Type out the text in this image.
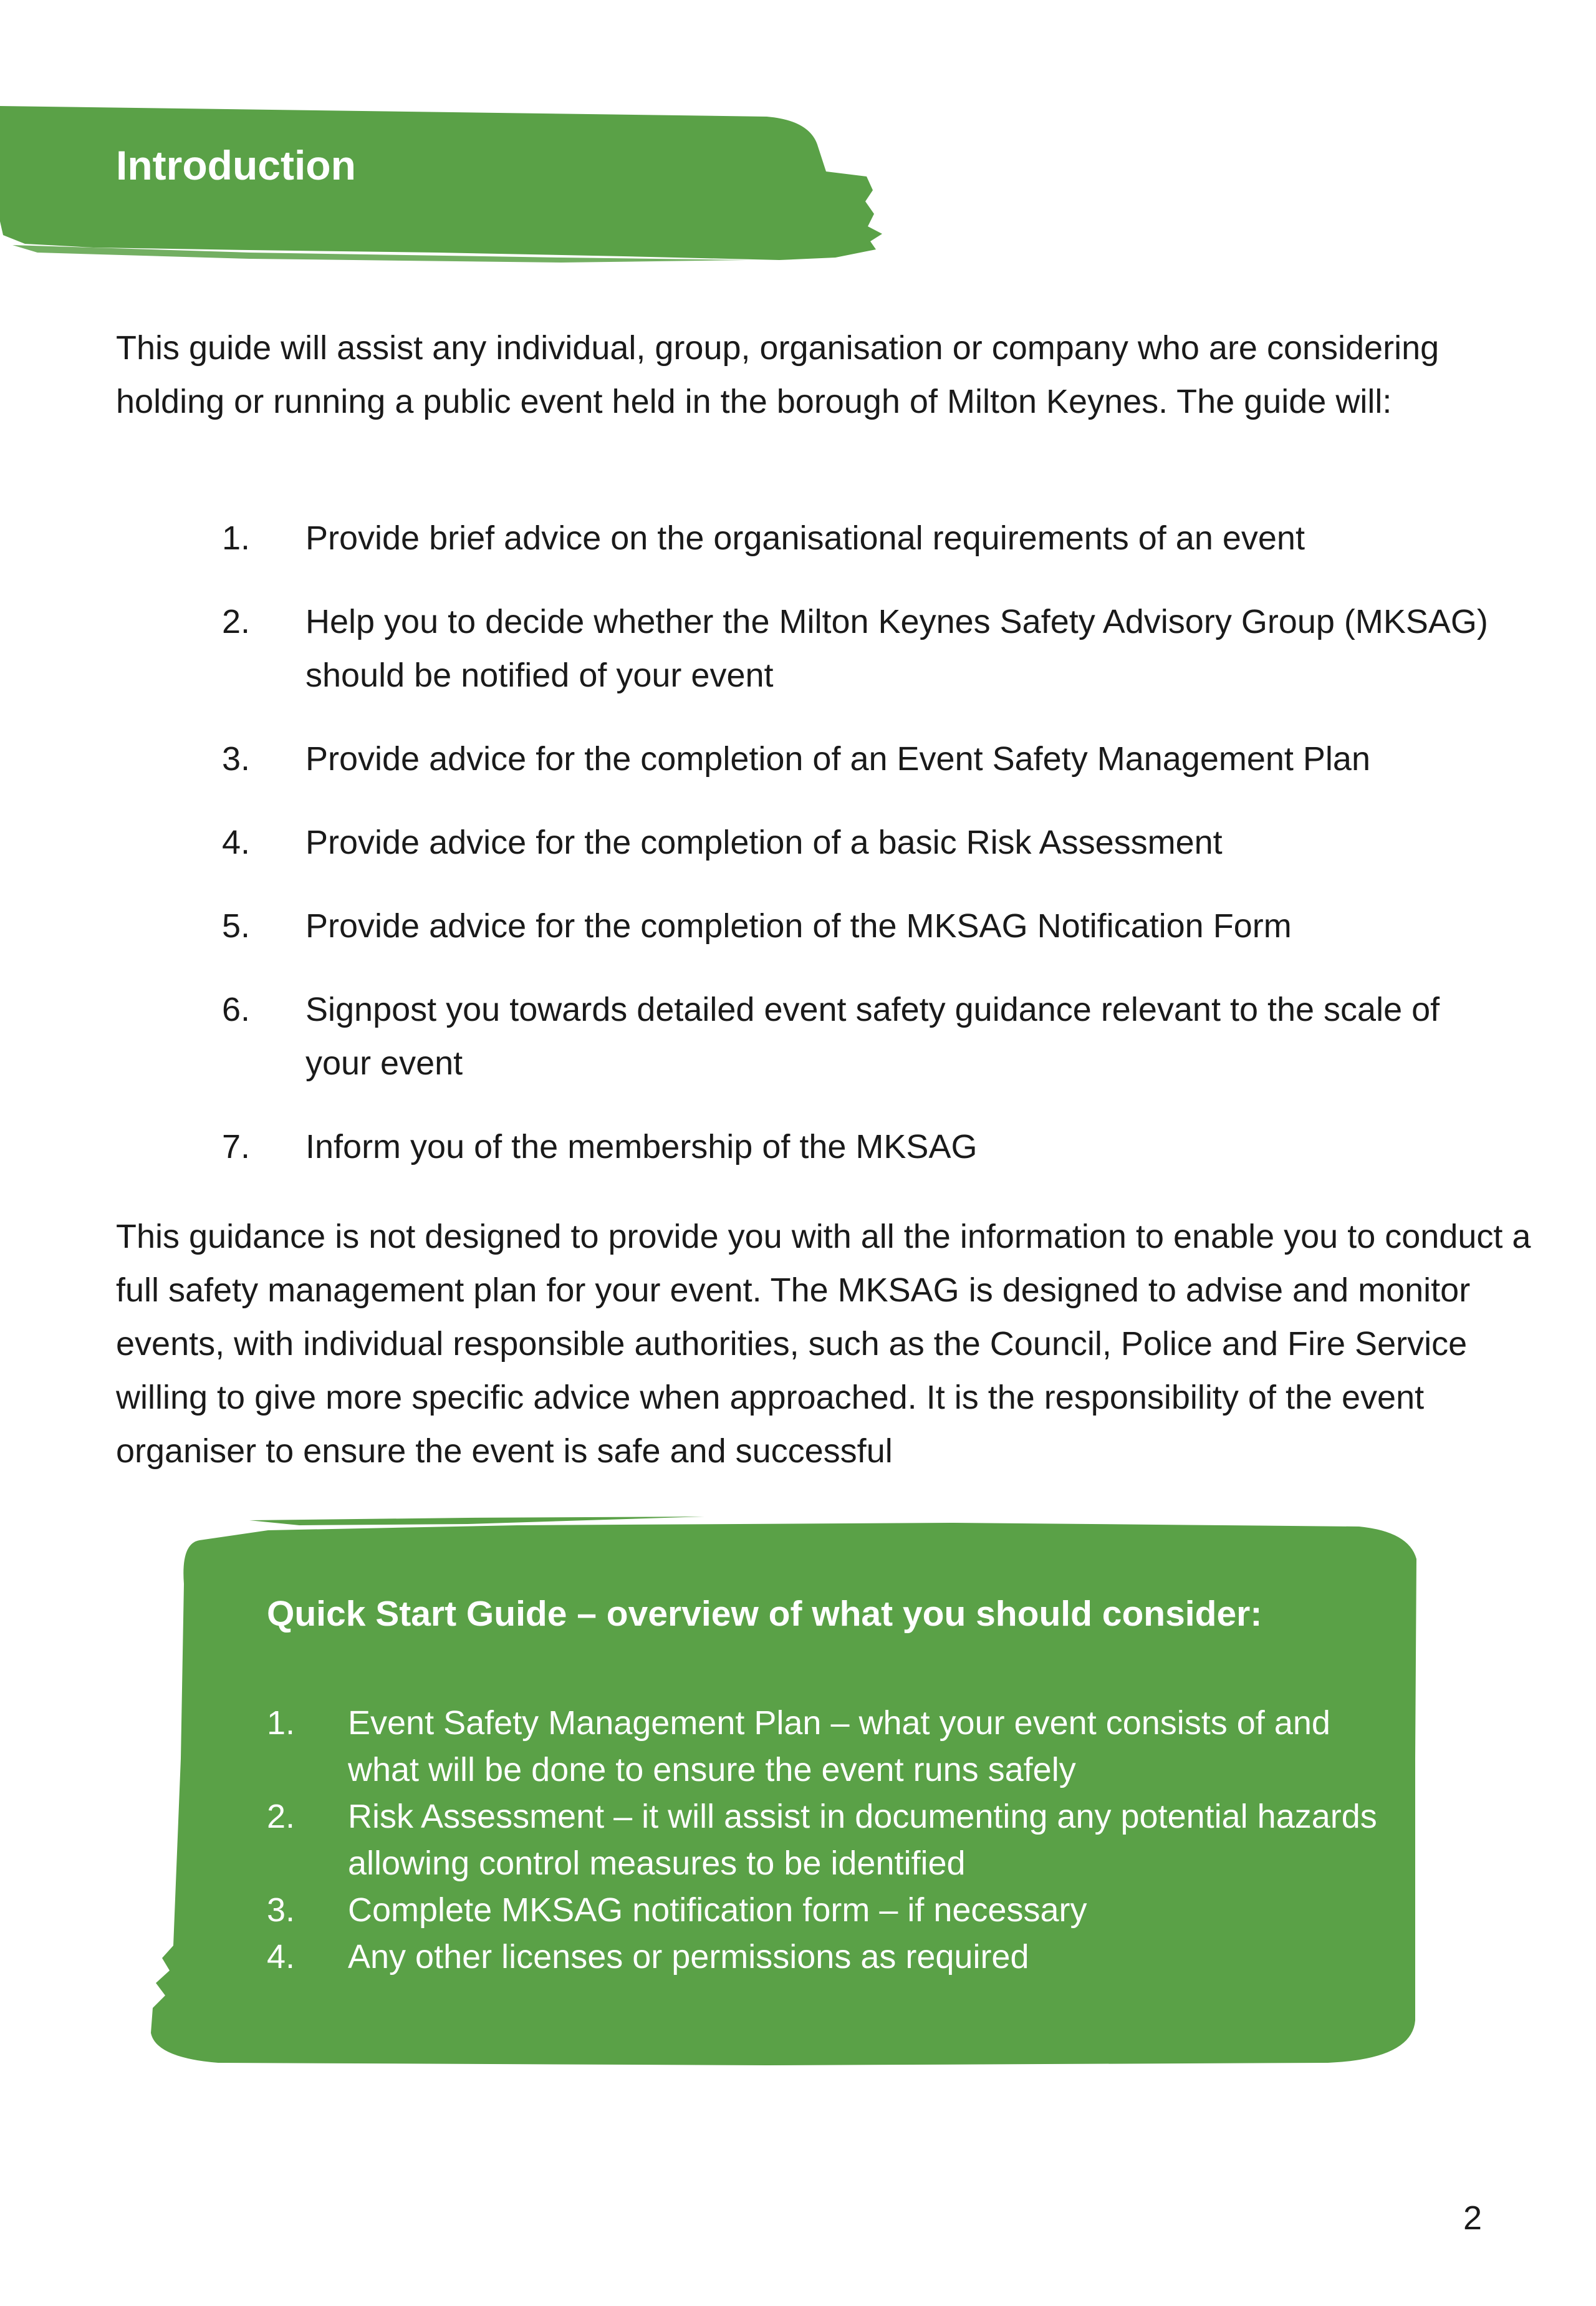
Introduction

This guide will assist any individual, group, organisation or company who are considering holding or running a public event held in the borough of Milton Keynes. The guide will:

1. Provide brief advice on the organisational requirements of an event
2. Help you to decide whether the Milton Keynes Safety Advisory Group (MKSAG) should be notified of your event
3. Provide advice for the completion of an Event Safety Management Plan
4. Provide advice for the completion of a basic Risk Assessment
5. Provide advice for the completion of the MKSAG Notification Form
6. Signpost you towards detailed event safety guidance relevant to the scale of your event
7. Inform you of the membership of the MKSAG

This guidance is not designed to provide you with all the information to enable you to conduct a full safety management plan for your event. The MKSAG is designed to advise and monitor events, with individual responsible authorities, such as the Council, Police and Fire Service willing to give more specific advice when approached. It is the responsibility of the event organiser to ensure the event is safe and successful

Quick Start Guide – overview of what you should consider:
1. Event Safety Management Plan – what your event consists of and what will be done to ensure the event runs safely
2. Risk Assessment – it will assist in documenting any potential hazards allowing control measures to be identified
3. Complete MKSAG notification form – if necessary
4. Any other licenses or permissions as required
2
